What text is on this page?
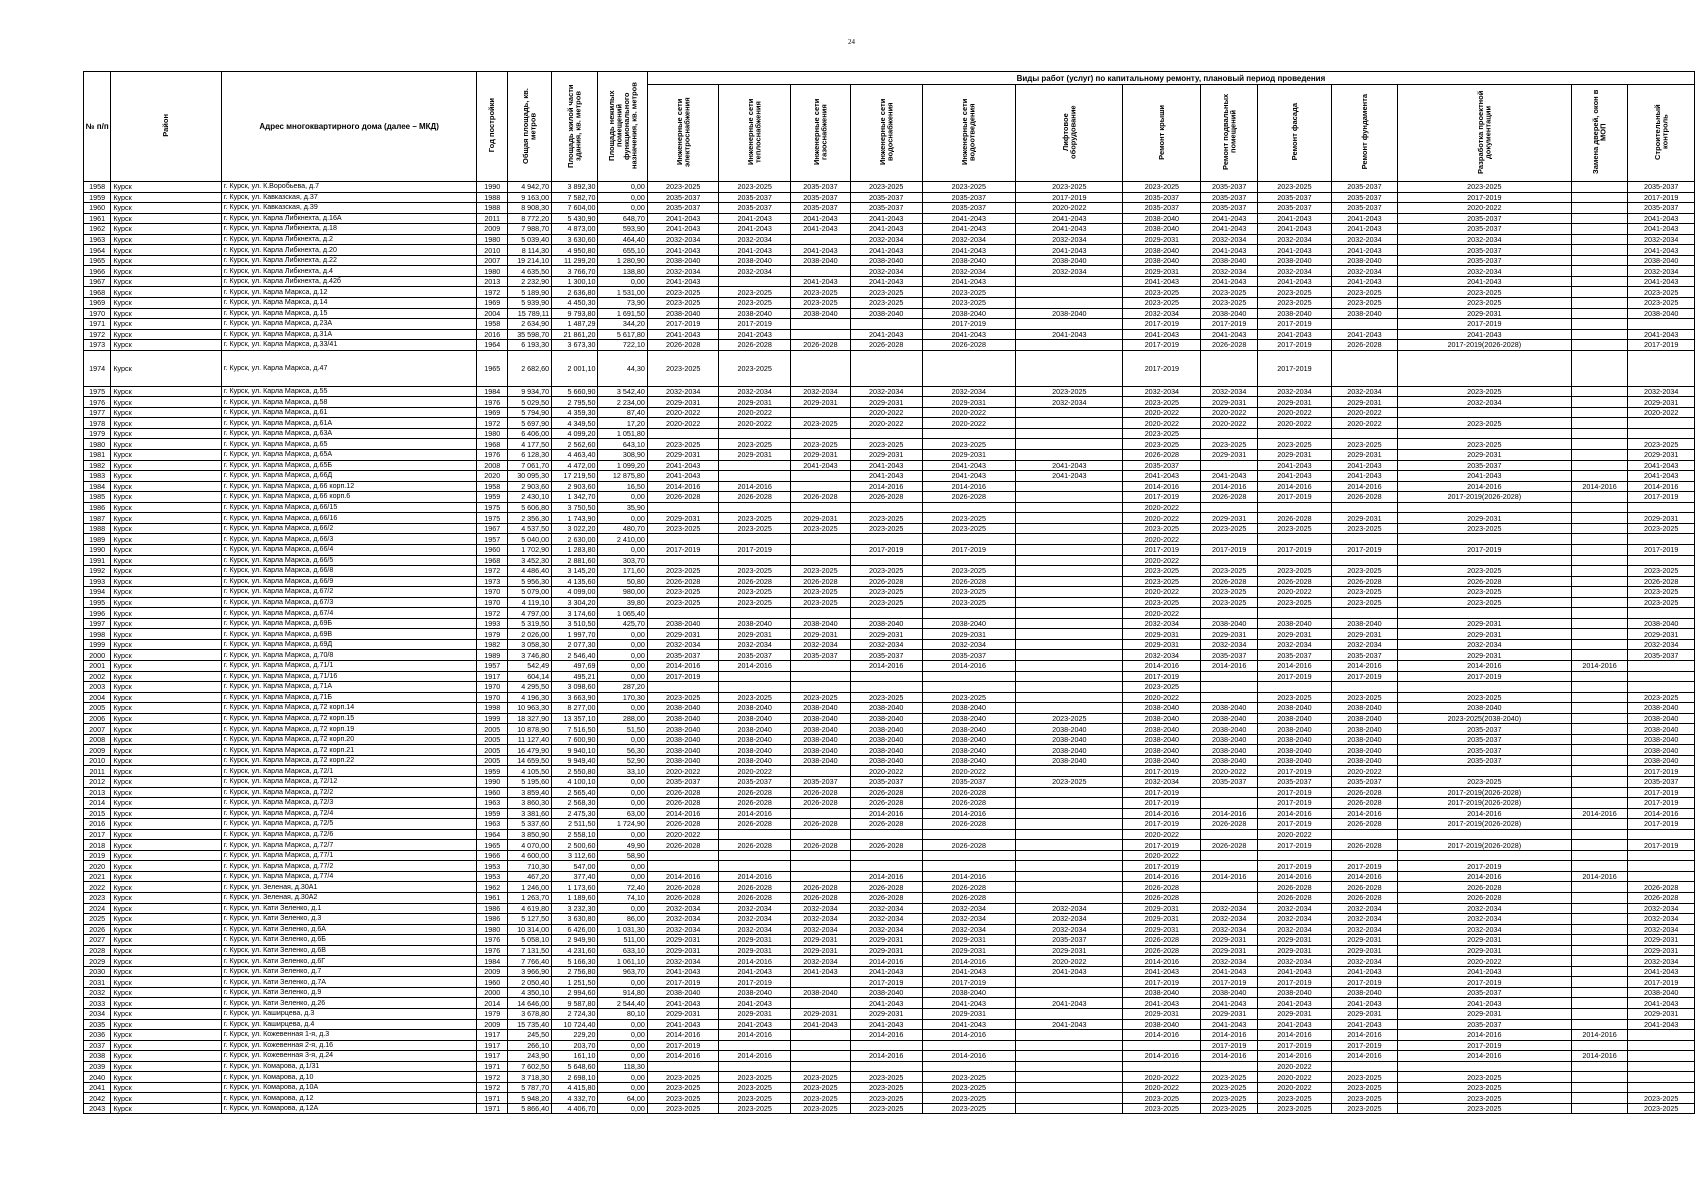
24
№ п/п	Район	Адрес многоквартирного дома (далее – МКД)	Год постройки	Общая площадь, кв. метров	Площадь жилой части здания, кв. метров	Площадь нежилых помещений функционального назначения, кв. метров	Виды работ (услуг) по капитальному ремонту, плановый период проведения												
							Инженерные сети электроснабжения	Инженерные сети теплоснабжения	Инженерные сети газоснабжения	Инженерные сети водоснабжения	Инженерные сети водоотведения	Лифтовое оборудование	Ремонт крыши	Ремонт подвальных помещений	Ремонт фасада	Ремонт фундамента	Разработка проектной документации	Замена дверей, окон в МОП	Строительный контроль
1958	Курск	г. Курск, ул. К.Воробьева, д.7	1990	4 942,70	3 892,30	0,00	2023-2025	2023-2025	2035-2037	2023-2025	2023-2025	2023-2025	2023-2025	2035-2037	2023-2025	2035-2037	2023-2025		2035-2037
1959	Курск	г. Курск, ул. Кавказская, д.37	1988	9 163,00	7 582,70	0,00	2035-2037	2035-2037	2035-2037	2035-2037	2035-2037	2017-2019	2035-2037	2035-2037	2035-2037	2035-2037	2017-2019		2017-2019
1960	Курск	г. Курск, ул. Кавказская, д.39	1988	8 908,30	7 604,00	0,00	2035-2037	2035-2037	2035-2037	2035-2037	2035-2037	2020-2022	2035-2037	2035-2037	2035-2037	2035-2037	2020-2022		2035-2037
1961	Курск	г. Курск, ул. Карла Либкнехта, д.16А	2011	8 772,20	5 430,90	648,70	2041-2043	2041-2043	2041-2043	2041-2043	2041-2043	2041-2043	2038-2040	2041-2043	2041-2043	2041-2043	2035-2037		2041-2043
1962	Курск	г. Курск, ул. Карла Либкнехта, д.18	2009	7 988,70	4 873,00	593,90	2041-2043	2041-2043	2041-2043	2041-2043	2041-2043	2041-2043	2038-2040	2041-2043	2041-2043	2041-2043	2035-2037		2041-2043
1963	Курск	г. Курск, ул. Карла Либкнехта, д.2	1980	5 039,40	3 630,60	464,40	2032-2034	2032-2034		2032-2034	2032-2034	2032-2034	2029-2031	2032-2034	2032-2034	2032-2034	2032-2034		2032-2034
1964	Курск	г. Курск, ул. Карла Либкнехта, д.20	2010	8 114,30	4 950,80	655,10	2041-2043	2041-2043	2041-2043	2041-2043	2041-2043	2041-2043	2038-2040	2041-2043	2041-2043	2041-2043	2035-2037		2041-2043
1965	Курск	г. Курск, ул. Карла Либкнехта, д.22	2007	19 214,10	11 299,20	1 280,90	2038-2040	2038-2040	2038-2040	2038-2040	2038-2040	2038-2040	2038-2040	2038-2040	2038-2040	2038-2040	2035-2037		2038-2040
1966	Курск	г. Курск, ул. Карла Либкнехта, д.4	1980	4 635,50	3 766,70	138,80	2032-2034	2032-2034		2032-2034	2032-2034	2032-2034	2029-2031	2032-2034	2032-2034	2032-2034	2032-2034		2032-2034
1967	Курск	г. Курск, ул. Карла Либкнехта, д.42б	2013	2 232,90	1 300,10	0,00	2041-2043		2041-2043	2041-2043	2041-2043		2041-2043	2041-2043	2041-2043	2041-2043	2041-2043		2041-2043
1968	Курск	г. Курск, ул. Карла Маркса, д.12	1972	5 189,90	2 636,80	1 531,00	2023-2025	2023-2025	2023-2025	2023-2025	2023-2025		2023-2025	2023-2025	2023-2025	2023-2025	2023-2025		2023-2025
1969	Курск	г. Курск, ул. Карла Маркса, д.14	1969	5 939,90	4 450,30	73,90	2023-2025	2023-2025	2023-2025	2023-2025	2023-2025		2023-2025	2023-2025	2023-2025	2023-2025	2023-2025		2023-2025
1970	Курск	г. Курск, ул. Карла Маркса, д.15	2004	15 789,11	9 793,80	1 691,50	2038-2040	2038-2040	2038-2040	2038-2040	2038-2040	2038-2040	2032-2034	2038-2040	2038-2040	2038-2040	2029-2031		2038-2040
1971	Курск	г. Курск, ул. Карла Маркса, д.23А	1958	2 634,90	1 487,29	344,20	2017-2019	2017-2019			2017-2019		2017-2019	2017-2019	2017-2019		2017-2019		
1972	Курск	г. Курск, ул. Карла Маркса, д.31А	2016	35 598,70	21 861,20	5 617,80	2041-2043	2041-2043		2041-2043	2041-2043	2041-2043	2041-2043	2041-2043	2041-2043	2041-2043	2041-2043		2041-2043
1973	Курск	г. Курск, ул. Карла Маркса, д.33/41	1964	6 193,30	3 673,30	722,10	2026-2028	2026-2028	2026-2028	2026-2028	2026-2028		2017-2019	2026-2028	2017-2019	2026-2028	2017-2019(2026-2028)		2017-2019
1974	Курск	г. Курск, ул. Карла Маркса, д.47	1965	2 682,60	2 001,10	44,30	2023-2025	2023-2025					2017-2019		2017-2019				
1975	Курск	г. Курск, ул. Карла Маркса, д.55	1984	9 934,70	5 660,90	3 542,40	2032-2034	2032-2034	2032-2034	2032-2034	2032-2034	2023-2025	2032-2034	2032-2034	2032-2034	2032-2034	2023-2025		2032-2034
1976	Курск	г. Курск, ул. Карла Маркса, д.58	1976	5 029,50	2 795,50	2 234,00	2029-2031	2029-2031	2029-2031	2029-2031	2029-2031	2032-2034	2023-2025	2029-2031	2029-2031	2029-2031	2032-2034		2029-2031
1977	Курск	г. Курск, ул. Карла Маркса, д.61	1969	5 794,90	4 359,30	87,40	2020-2022	2020-2022		2020-2022	2020-2022		2020-2022	2020-2022	2020-2022	2020-2022			2020-2022
1978	Курск	г. Курск, ул. Карла Маркса, д.61А	1972	5 697,90	4 349,50	17,20	2020-2022	2020-2022	2023-2025	2020-2022	2020-2022		2020-2022	2020-2022	2020-2022	2020-2022	2023-2025		
1979	Курск	г. Курск, ул. Карла Маркса, д.63А	1980	6 406,00	4 099,20	1 051,80							2023-2025						
1980	Курск	г. Курск, ул. Карла Маркса, д.65	1968	4 177,50	2 562,60	643,10	2023-2025	2023-2025	2023-2025	2023-2025	2023-2025		2023-2025	2023-2025	2023-2025	2023-2025	2023-2025		2023-2025
1981	Курск	г. Курск, ул. Карла Маркса, д.65А	1976	6 128,30	4 463,40	308,90	2029-2031	2029-2031	2029-2031	2029-2031	2029-2031		2026-2028	2029-2031	2029-2031	2029-2031	2029-2031		2029-2031
1982	Курск	г. Курск, ул. Карла Маркса, д.65Б	2008	7 061,70	4 472,00	1 099,20	2041-2043		2041-2043	2041-2043	2041-2043	2041-2043	2035-2037		2041-2043	2041-2043	2035-2037		2041-2043
1983	Курск	г. Курск, ул. Карла Маркса, д.66Д	2020	30 095,30	17 219,50	12 875,80	2041-2043			2041-2043	2041-2043	2041-2043	2041-2043	2041-2043	2041-2043	2041-2043	2041-2043		2041-2043
1984	Курск	г. Курск, ул. Карла Маркса, д.66 корп.12	1958	2 903,60	2 903,60	16,50	2014-2016	2014-2016		2014-2016	2014-2016		2014-2016	2014-2016	2014-2016	2014-2016	2014-2016	2014-2016	2014-2016
1985	Курск	г. Курск, ул. Карла Маркса, д.66 корп.6	1959	2 430,10	1 342,70	0,00	2026-2028	2026-2028	2026-2028	2026-2028	2026-2028		2017-2019	2026-2028	2017-2019	2026-2028	2017-2019(2026-2028)		2017-2019
1986	Курск	г. Курск, ул. Карла Маркса, д.66/15	1975	5 606,80	3 750,50	35,90							2020-2022						
1987	Курск	г. Курск, ул. Карла Маркса, д.66/16	1975	2 356,30	1 743,90	0,00	2029-2031	2023-2025	2029-2031	2023-2025	2023-2025		2020-2022	2029-2031	2026-2028	2029-2031	2029-2031		2029-2031
1988	Курск	г. Курск, ул. Карла Маркса, д.66/2	1967	4 537,50	3 022,20	480,70	2023-2025	2023-2025	2023-2025	2023-2025	2023-2025		2023-2025	2023-2025	2023-2025	2023-2025	2023-2025		2023-2025
1989	Курск	г. Курск, ул. Карла Маркса, д.66/3	1957	5 040,00	2 630,00	2 410,00							2020-2022						
1990	Курск	г. Курск, ул. Карла Маркса, д.66/4	1960	1 702,90	1 283,80	0,00	2017-2019	2017-2019		2017-2019	2017-2019		2017-2019	2017-2019	2017-2019	2017-2019	2017-2019		2017-2019
1991	Курск	г. Курск, ул. Карла Маркса, д.66/5	1968	3 452,30	2 881,60	303,70							2020-2022						
1992	Курск	г. Курск, ул. Карла Маркса, д.66/8	1972	4 486,40	3 145,20	171,60	2023-2025	2023-2025	2023-2025	2023-2025	2023-2025		2023-2025	2023-2025	2023-2025	2023-2025	2023-2025		2023-2025
1993	Курск	г. Курск, ул. Карла Маркса, д.66/9	1973	5 956,30	4 135,60	50,80	2026-2028	2026-2028	2026-2028	2026-2028	2026-2028		2023-2025	2026-2028	2026-2028	2026-2028	2026-2028		2026-2028
1994	Курск	г. Курск, ул. Карла Маркса, д.67/2	1970	5 079,00	4 099,00	980,00	2023-2025	2023-2025	2023-2025	2023-2025	2023-2025		2020-2022	2023-2025	2020-2022	2023-2025	2023-2025		2023-2025
1995	Курск	г. Курск, ул. Карла Маркса, д.67/3	1970	4 119,10	3 304,20	39,80	2023-2025	2023-2025	2023-2025	2023-2025	2023-2025		2023-2025	2023-2025	2023-2025	2023-2025	2023-2025		2023-2025
1996	Курск	г. Курск, ул. Карла Маркса, д.67/4	1972	4 797,00	3 174,60	1 065,40							2020-2022						
1997	Курск	г. Курск, ул. Карла Маркса, д.69Б	1993	5 319,50	3 510,50	425,70	2038-2040	2038-2040	2038-2040	2038-2040	2038-2040		2032-2034	2038-2040	2038-2040	2038-2040	2029-2031		2038-2040
1998	Курск	г. Курск, ул. Карла Маркса, д.69В	1979	2 026,00	1 997,70	0,00	2029-2031	2029-2031	2029-2031	2029-2031	2029-2031		2029-2031	2029-2031	2029-2031	2029-2031	2029-2031		2029-2031
1999	Курск	г. Курск, ул. Карла Маркса, д.69Д	1982	3 058,30	2 077,30	0,00	2032-2034	2032-2034	2032-2034	2032-2034	2032-2034		2029-2031	2032-2034	2032-2034	2032-2034	2032-2034		2032-2034
2000	Курск	г. Курск, ул. Карла Маркса, д.70/8	1989	3 746,80	2 546,40	0,00	2035-2037	2035-2037	2035-2037	2035-2037	2035-2037		2032-2034	2035-2037	2035-2037	2035-2037	2029-2031		2035-2037
2001	Курск	г. Курск, ул. Карла Маркса, д.71/1	1957	542,49	497,69	0,00	2014-2016	2014-2016		2014-2016	2014-2016		2014-2016	2014-2016	2014-2016	2014-2016	2014-2016	2014-2016	
2002	Курск	г. Курск, ул. Карла Маркса, д.71/16	1917	604,14	495,21	0,00	2017-2019						2017-2019		2017-2019	2017-2019	2017-2019		
2003	Курск	г. Курск, ул. Карла Маркса, д.71А	1970	4 295,50	3 098,60	287,20							2023-2025						
2004	Курск	г. Курск, ул. Карла Маркса, д.71Б	1970	4 196,30	3 663,90	170,30	2023-2025	2023-2025	2023-2025	2023-2025	2023-2025		2020-2022		2023-2025	2023-2025	2023-2025		2023-2025
2005	Курск	г. Курск, ул. Карла Маркса, д.72 корп.14	1998	10 963,30	8 277,00	0,00	2038-2040	2038-2040	2038-2040	2038-2040	2038-2040		2038-2040	2038-2040	2038-2040	2038-2040	2038-2040		2038-2040
2006	Курск	г. Курск, ул. Карла Маркса, д.72 корп.15	1999	18 327,90	13 357,10	288,00	2038-2040	2038-2040	2038-2040	2038-2040	2038-2040	2023-2025	2038-2040	2038-2040	2038-2040	2038-2040	2023-2025(2038-2040)		2038-2040
2007	Курск	г. Курск, ул. Карла Маркса, д.72 корп.19	2005	10 878,90	7 516,50	51,50	2038-2040	2038-2040	2038-2040	2038-2040	2038-2040	2038-2040	2038-2040	2038-2040	2038-2040	2038-2040	2035-2037		2038-2040
2008	Курск	г. Курск, ул. Карла Маркса, д.72 корп.20	2005	11 127,40	7 600,90	0,00	2038-2040	2038-2040	2038-2040	2038-2040	2038-2040	2038-2040	2038-2040	2038-2040	2038-2040	2038-2040	2035-2037		2038-2040
2009	Курск	г. Курск, ул. Карла Маркса, д.72 корп.21	2005	16 479,90	9 940,10	56,30	2038-2040	2038-2040	2038-2040	2038-2040	2038-2040	2038-2040	2038-2040	2038-2040	2038-2040	2038-2040	2035-2037		2038-2040
2010	Курск	г. Курск, ул. Карла Маркса, д.72 корп.22	2005	14 659,50	9 949,40	52,90	2038-2040	2038-2040	2038-2040	2038-2040	2038-2040	2038-2040	2038-2040	2038-2040	2038-2040	2038-2040	2035-2037		2038-2040
2011	Курск	г. Курск, ул. Карла Маркса, д.72/1	1959	4 105,50	2 550,80	33,10	2020-2022	2020-2022		2020-2022	2020-2022		2017-2019	2020-2022	2017-2019	2020-2022			2017-2019
2012	Курск	г. Курск, ул. Карла Маркса, д.72/12	1990	5 195,60	4 100,10	0,00	2035-2037	2035-2037	2035-2037	2035-2037	2035-2037	2023-2025	2032-2034	2035-2037	2035-2037	2035-2037	2023-2025		2035-2037
2013	Курск	г. Курск, ул. Карла Маркса, д.72/2	1960	3 859,40	2 565,40	0,00	2026-2028	2026-2028	2026-2028	2026-2028	2026-2028		2017-2019		2017-2019	2026-2028	2017-2019(2026-2028)		2017-2019
2014	Курск	г. Курск, ул. Карла Маркса, д.72/3	1963	3 860,30	2 568,30	0,00	2026-2028	2026-2028	2026-2028	2026-2028	2026-2028		2017-2019		2017-2019	2026-2028	2017-2019(2026-2028)		2017-2019
2015	Курск	г. Курск, ул. Карла Маркса, д.72/4	1959	3 381,60	2 475,30	63,00	2014-2016	2014-2016		2014-2016	2014-2016		2014-2016	2014-2016	2014-2016	2014-2016	2014-2016	2014-2016	2014-2016
2016	Курск	г. Курск, ул. Карла Маркса, д.72/5	1963	5 337,60	2 511,50	1 724,90	2026-2028	2026-2028	2026-2028	2026-2028	2026-2028		2017-2019	2026-2028	2017-2019	2026-2028	2017-2019(2026-2028)		2017-2019
2017	Курск	г. Курск, ул. Карла Маркса, д.72/6	1964	3 850,90	2 558,10	0,00	2020-2022						2020-2022		2020-2022				
2018	Курск	г. Курск, ул. Карла Маркса, д.72/7	1965	4 070,00	2 500,60	49,90	2026-2028	2026-2028	2026-2028	2026-2028	2026-2028		2017-2019	2026-2028	2017-2019	2026-2028	2017-2019(2026-2028)		2017-2019
2019	Курск	г. Курск, ул. Карла Маркса, д.77/1	1966	4 600,00	3 112,60	58,90							2020-2022						
2020	Курск	г. Курск, ул. Карла Маркса, д.77/2	1953	710,30	547,00	0,00							2017-2019		2017-2019	2017-2019	2017-2019		
2021	Курск	г. Курск, ул. Карла Маркса, д.77/4	1953	467,20	377,40	0,00	2014-2016	2014-2016		2014-2016	2014-2016		2014-2016	2014-2016	2014-2016	2014-2016	2014-2016	2014-2016	
2022	Курск	г. Курск, ул. Зеленая, д.30А1	1962	1 246,00	1 173,60	72,40	2026-2028	2026-2028	2026-2028	2026-2028	2026-2028		2026-2028		2026-2028	2026-2028	2026-2028		2026-2028
2023	Курск	г. Курск, ул. Зеленая, д.30А2	1961	1 263,70	1 189,60	74,10	2026-2028	2026-2028	2026-2028	2026-2028	2026-2028		2026-2028		2026-2028	2026-2028	2026-2028		2026-2028
2024	Курск	г. Курск, ул. Кати Зеленко, д.1	1986	4 619,80	3 232,30	0,00	2032-2034	2032-2034	2032-2034	2032-2034	2032-2034	2032-2034	2029-2031	2032-2034	2032-2034	2032-2034	2032-2034		2032-2034
2025	Курск	г. Курск, ул. Кати Зеленко, д.3	1986	5 127,50	3 630,80	86,00	2032-2034	2032-2034	2032-2034	2032-2034	2032-2034	2032-2034	2029-2031	2032-2034	2032-2034	2032-2034	2032-2034		2032-2034
2026	Курск	г. Курск, ул. Кати Зеленко, д.6А	1980	10 314,00	6 426,00	1 031,30	2032-2034	2032-2034	2032-2034	2032-2034	2032-2034	2032-2034	2029-2031	2032-2034	2032-2034	2032-2034	2032-2034		2032-2034
2027	Курск	г. Курск, ул. Кати Зеленко, д.6Б	1976	5 058,10	2 949,90	511,00	2029-2031	2029-2031	2029-2031	2029-2031	2029-2031	2035-2037	2026-2028	2029-2031	2029-2031	2029-2031	2029-2031		2029-2031
2028	Курск	г. Курск, ул. Кати Зеленко, д.6В	1976	7 131,50	4 231,60	633,10	2029-2031	2029-2031	2029-2031	2029-2031	2029-2031	2029-2031	2026-2028	2029-2031	2029-2031	2029-2031	2029-2031		2029-2031
2029	Курск	г. Курск, ул. Кати Зеленко, д.6Г	1984	7 766,40	5 166,30	1 061,10	2032-2034	2014-2016	2032-2034	2014-2016	2014-2016	2020-2022	2014-2016	2032-2034	2032-2034	2032-2034	2020-2022		2032-2034
2030	Курск	г. Курск, ул. Кати Зеленко, д.7	2009	3 966,90	2 756,80	963,70	2041-2043	2041-2043	2041-2043	2041-2043	2041-2043	2041-2043	2041-2043	2041-2043	2041-2043	2041-2043	2041-2043		2041-2043
2031	Курск	г. Курск, ул. Кати Зеленко, д.7А	1960	2 050,40	1 251,50	0,00	2017-2019	2017-2019		2017-2019	2017-2019		2017-2019	2017-2019	2017-2019	2017-2019	2017-2019		2017-2019
2032	Курск	г. Курск, ул. Кати Зеленко, д.9	2000	4 350,10	2 994,60	914,80	2038-2040	2038-2040	2038-2040	2038-2040	2038-2040		2038-2040	2038-2040	2038-2040	2038-2040	2035-2037		2038-2040
2033	Курск	г. Курск, ул. Кати Зеленко, д.26	2014	14 646,00	9 587,80	2 544,40	2041-2043	2041-2043		2041-2043	2041-2043	2041-2043	2041-2043	2041-2043	2041-2043	2041-2043	2041-2043		2041-2043
2034	Курск	г. Курск, ул. Каширцева, д.3	1979	3 678,80	2 724,30	80,10	2029-2031	2029-2031	2029-2031	2029-2031	2029-2031		2029-2031	2029-2031	2029-2031	2029-2031	2029-2031		2029-2031
2035	Курск	г. Курск, ул. Каширцева, д.4	2009	15 735,40	10 724,40	0,00	2041-2043	2041-2043	2041-2043	2041-2043	2041-2043	2041-2043	2038-2040	2041-2043	2041-2043	2041-2043	2035-2037		2041-2043
2036	Курск	г. Курск, ул. Кожевенная 1-я, д.3	1917	245,50	229,20	0,00	2014-2016	2014-2016		2014-2016	2014-2016		2014-2016	2014-2016	2014-2016	2014-2016	2014-2016	2014-2016	
2037	Курск	г. Курск, ул. Кожевенная 2-я, д.16	1917	266,10	203,70	0,00	2017-2019							2017-2019	2017-2019	2017-2019	2017-2019		
2038	Курск	г. Курск, ул. Кожевенная 3-я, д.24	1917	243,90	161,10	0,00	2014-2016	2014-2016		2014-2016	2014-2016		2014-2016	2014-2016	2014-2016	2014-2016	2014-2016	2014-2016	
2039	Курск	г. Курск, ул. Комарова, д.1/31	1971	7 602,50	5 648,60	118,30									2020-2022				
2040	Курск	г. Курск, ул. Комарова, д.10	1972	3 718,30	2 698,10	0,00	2023-2025	2023-2025	2023-2025	2023-2025	2023-2025		2020-2022	2023-2025	2020-2022	2023-2025	2023-2025		
2041	Курск	г. Курск, ул. Комарова, д.10А	1972	5 787,70	4 415,80	0,00	2023-2025	2023-2025	2023-2025	2023-2025	2023-2025		2020-2022	2023-2025	2020-2022	2023-2025	2023-2025		
2042	Курск	г. Курск, ул. Комарова, д.12	1971	5 948,20	4 332,70	64,00	2023-2025	2023-2025	2023-2025	2023-2025	2023-2025		2023-2025	2023-2025	2023-2025	2023-2025	2023-2025		2023-2025
2043	Курск	г. Курск, ул. Комарова, д.12А	1971	5 866,40	4 406,70	0,00	2023-2025	2023-2025	2023-2025	2023-2025	2023-2025		2023-2025	2023-2025	2023-2025	2023-2025	2023-2025		2023-2025
